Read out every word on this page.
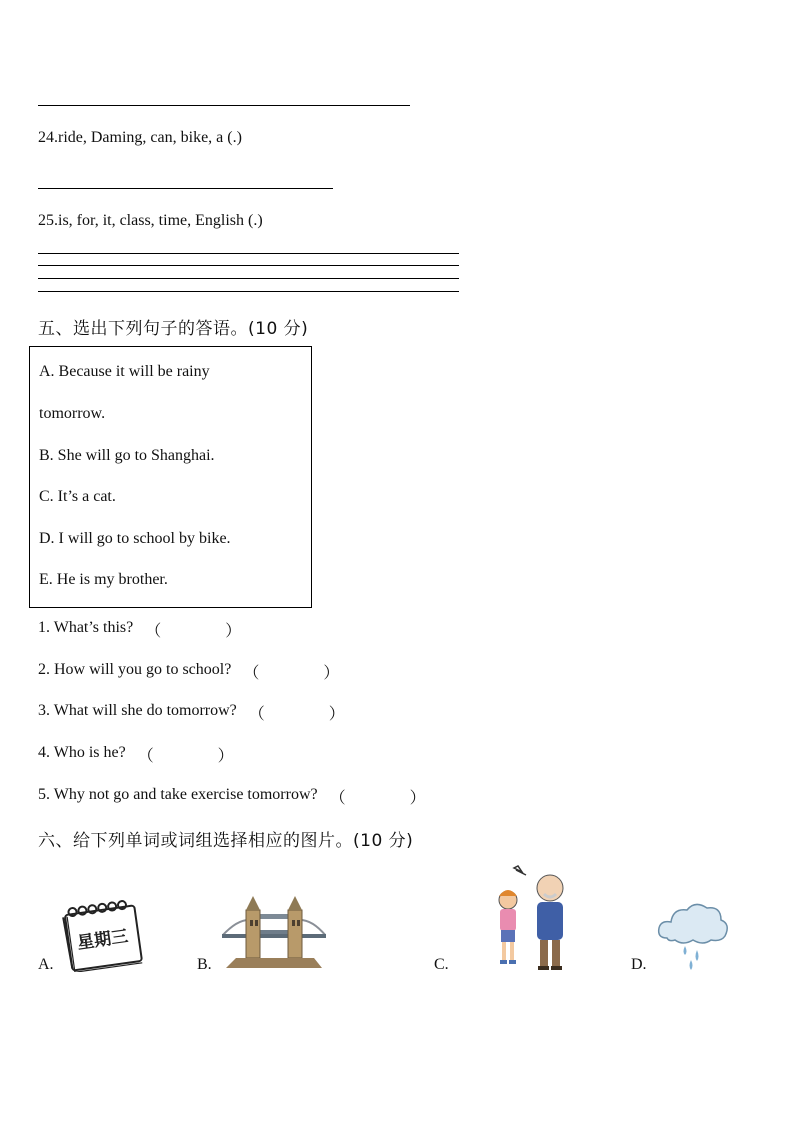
24.ride, Daming, can, bike, a (.)
25.is, for, it, class, time, English (.)
五、选出下列句子的答语。(10 分)
A. Because it will be rainy
tomorrow.
B. She will go to Shanghai.
C. It’s a cat.
D. I will go to school by bike.
E. He is my brother.
1. What’s this? （   ）
2. How will you go to school? （   ）
3. What will she do tomorrow? （   ）
4. Who is he? （   ）
5. Why not go and take exercise tomorrow? （   ）
六、给下列单词或词组选择相应的图片。(10 分)
A.
星期三
B.	C.	D.
